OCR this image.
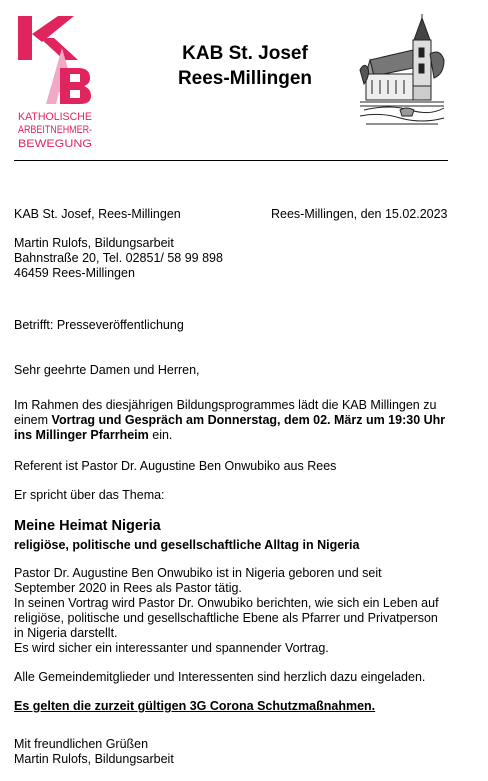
KATHOLISCHE
ARBEITNEHMER-
BEWEGUNG
KAB St. Josef
Rees-Millingen
KAB St. Josef, Rees-Millingen	Rees-Millingen, den 15.02.2023
Martin Rulofs, Bildungsarbeit
Bahnstraße 20, Tel. 02851/ 58 99 898
46459 Rees-Millingen
Betrifft: Presseveröffentlichung
Sehr geehrte Damen und Herren,
Im Rahmen des diesjährigen Bildungsprogrammes lädt die KAB Millingen zu
einem Vortrag und Gespräch am Donnerstag, dem 02. März um 19:30 Uhr
ins Millinger Pfarrheim ein.
Referent ist Pastor Dr. Augustine Ben Onwubiko aus Rees
Er spricht über das Thema:
Meine Heimat Nigeria
religiöse, politische und gesellschaftliche Alltag in Nigeria
Pastor Dr. Augustine Ben Onwubiko ist in Nigeria geboren und seit
September 2020 in Rees als Pastor tätig.
In seinen Vortrag wird Pastor Dr. Onwubiko berichten, wie sich ein Leben auf
religiöse, politische und gesellschaftliche Ebene als Pfarrer und Privatperson
in Nigeria darstellt.
Es wird sicher ein interessanter und spannender Vortrag.
Alle Gemeindemitglieder und Interessenten sind herzlich dazu eingeladen.
Es gelten die zurzeit gültigen 3G Corona Schutzmaßnahmen.
Mit freundlichen Grüßen
Martin Rulofs, Bildungsarbeit
